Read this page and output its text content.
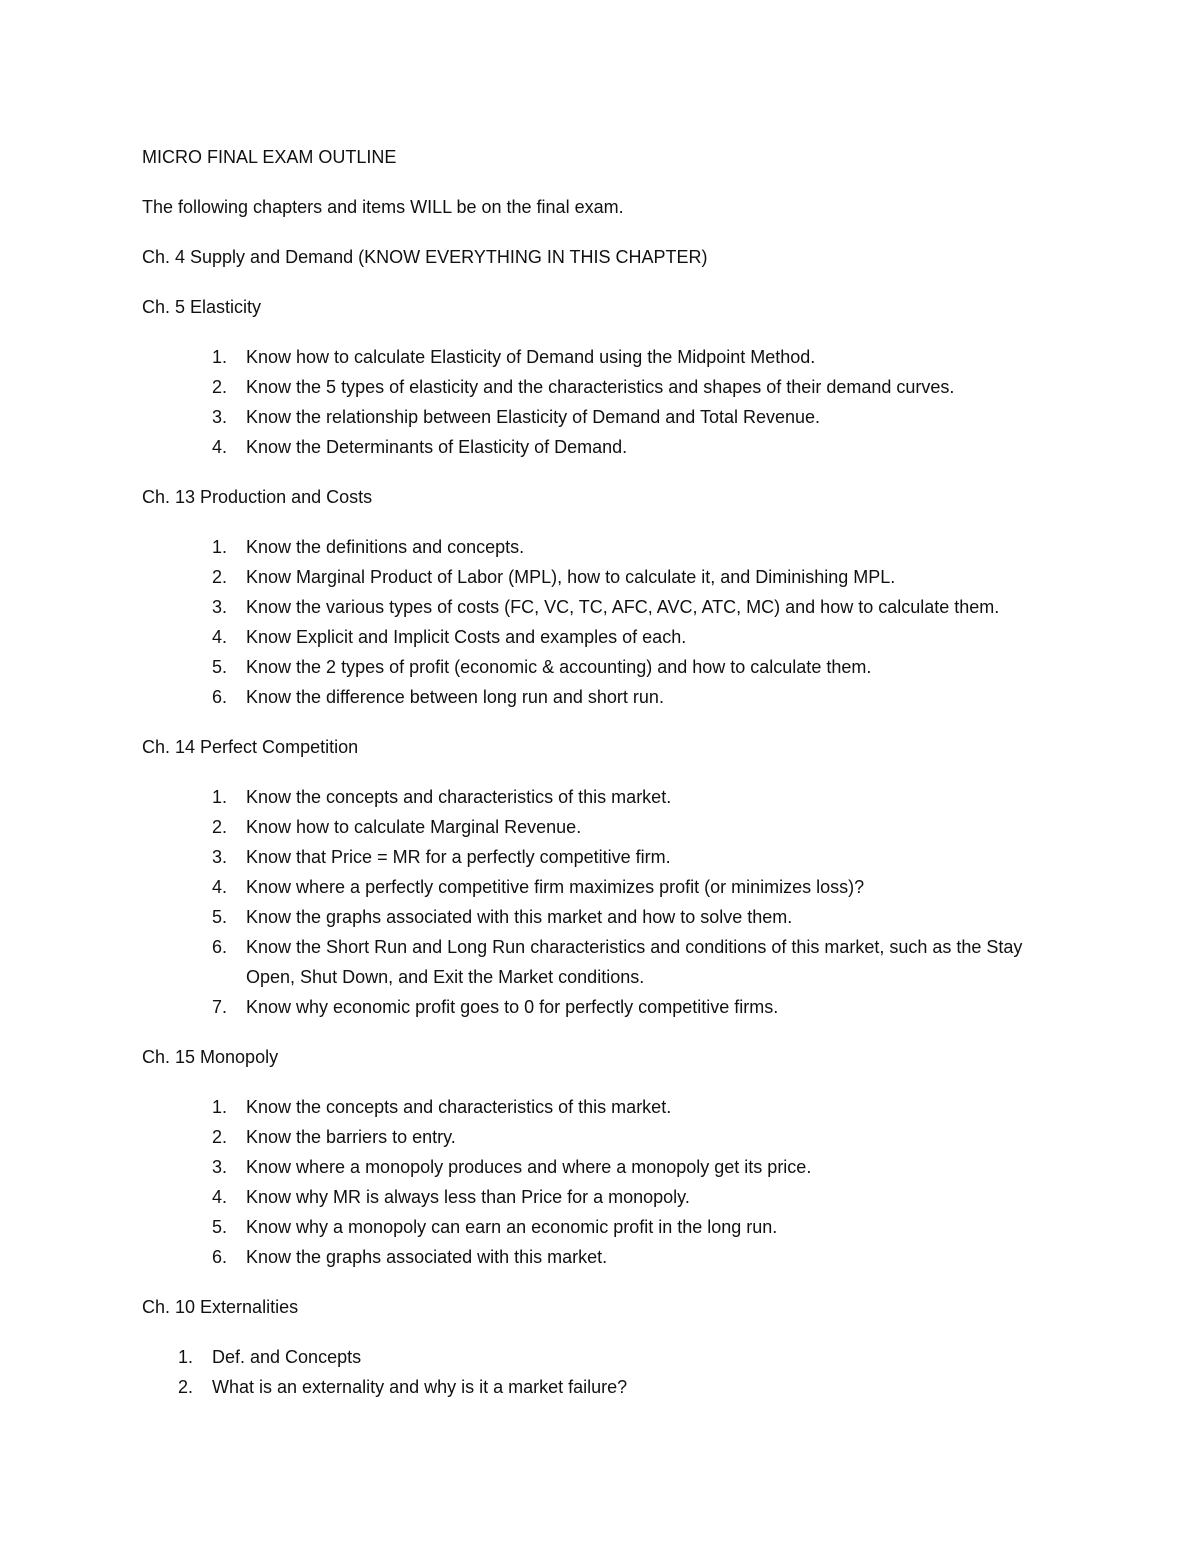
MICRO FINAL EXAM OUTLINE

The following chapters and items WILL be on the final exam.

Ch. 4 Supply and Demand (KNOW EVERYTHING IN THIS CHAPTER)

Ch. 5 Elasticity

1. Know how to calculate Elasticity of Demand using the Midpoint Method.
2. Know the 5 types of elasticity and the characteristics and shapes of their demand curves.
3. Know the relationship between Elasticity of Demand and Total Revenue.
4. Know the Determinants of Elasticity of Demand.

Ch. 13 Production and Costs

1. Know the definitions and concepts.
2. Know Marginal Product of Labor (MPL), how to calculate it, and Diminishing MPL.
3. Know the various types of costs (FC, VC, TC, AFC, AVC, ATC, MC) and how to calculate them.
4. Know Explicit and Implicit Costs and examples of each.
5. Know the 2 types of profit (economic & accounting) and how to calculate them.
6. Know the difference between long run and short run.

Ch. 14 Perfect Competition

1. Know the concepts and characteristics of this market.
2. Know how to calculate Marginal Revenue.
3. Know that Price = MR for a perfectly competitive firm.
4. Know where a perfectly competitive firm maximizes profit (or minimizes loss)?
5. Know the graphs associated with this market and how to solve them.
6. Know the Short Run and Long Run characteristics and conditions of this market, such as the Stay Open, Shut Down, and Exit the Market conditions.
7. Know why economic profit goes to 0 for perfectly competitive firms.

Ch. 15 Monopoly

1. Know the concepts and characteristics of this market.
2. Know the barriers to entry.
3. Know where a monopoly produces and where a monopoly get its price.
4. Know why MR is always less than Price for a monopoly.
5. Know why a monopoly can earn an economic profit in the long run.
6. Know the graphs associated with this market.

Ch. 10 Externalities

1. Def. and Concepts
2. What is an externality and why is it a market failure?
